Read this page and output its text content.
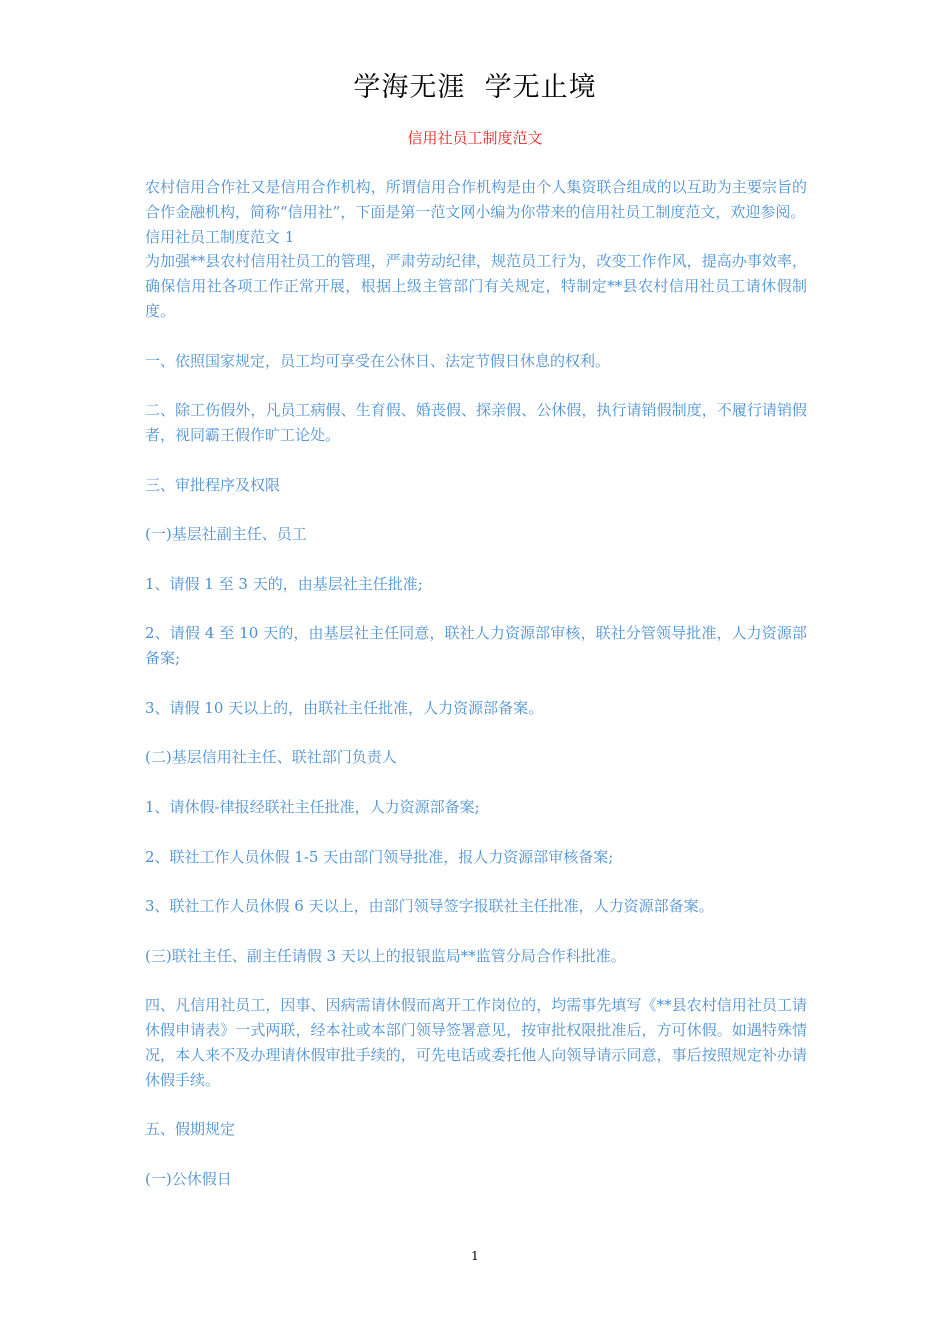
学海无涯  学无止境
信用社员工制度范文

农村信用合作社又是信用合作机构，所谓信用合作机构是由个人集资联合组成的以互助为主要宗旨的合作金融机构，简称“信用社”，下面是第一范文网小编为你带来的信用社员工制度范文，欢迎参阅。

信用社员工制度范文 1

为加强**县农村信用社员工的管理，严肃劳动纪律，规范员工行为，改变工作作风，提高办事效率，确保信用社各项工作正常开展，根据上级主管部门有关规定，特制定**县农村信用社员工请休假制度。

一、依照国家规定，员工均可享受在公休日、法定节假日休息的权利。

二、除工伤假外，凡员工病假、生育假、婚丧假、探亲假、公休假，执行请销假制度，不履行请销假者，视同霸王假作旷工论处。

三、审批程序及权限

(一)基层社副主任、员工

1、请假 1 至 3 天的，由基层社主任批准;

2、请假 4 至 10 天的，由基层社主任同意，联社人力资源部审核，联社分管领导批准，人力资源部备案;

3、请假 10 天以上的，由联社主任批准，人力资源部备案。

(二)基层信用社主任、联社部门负责人

1、请休假-律报经联社主任批准，人力资源部备案;

2、联社工作人员休假 1-5 天由部门领导批准，报人力资源部审核备案;

3、联社工作人员休假 6 天以上，由部门领导签字报联社主任批准，人力资源部备案。

(三)联社主任、副主任请假 3 天以上的报银监局**监管分局合作科批准。

四、凡信用社员工，因事、因病需请休假而离开工作岗位的，均需事先填写《**县农村信用社员工请休假申请表》一式两联，经本社或本部门领导签署意见，按审批权限批准后，方可休假。如遇特殊情况，本人来不及办理请休假审批手续的，可先电话或委托他人向领导请示同意，事后按照规定补办请休假手续。

五、假期规定

(一)公休假日

1
